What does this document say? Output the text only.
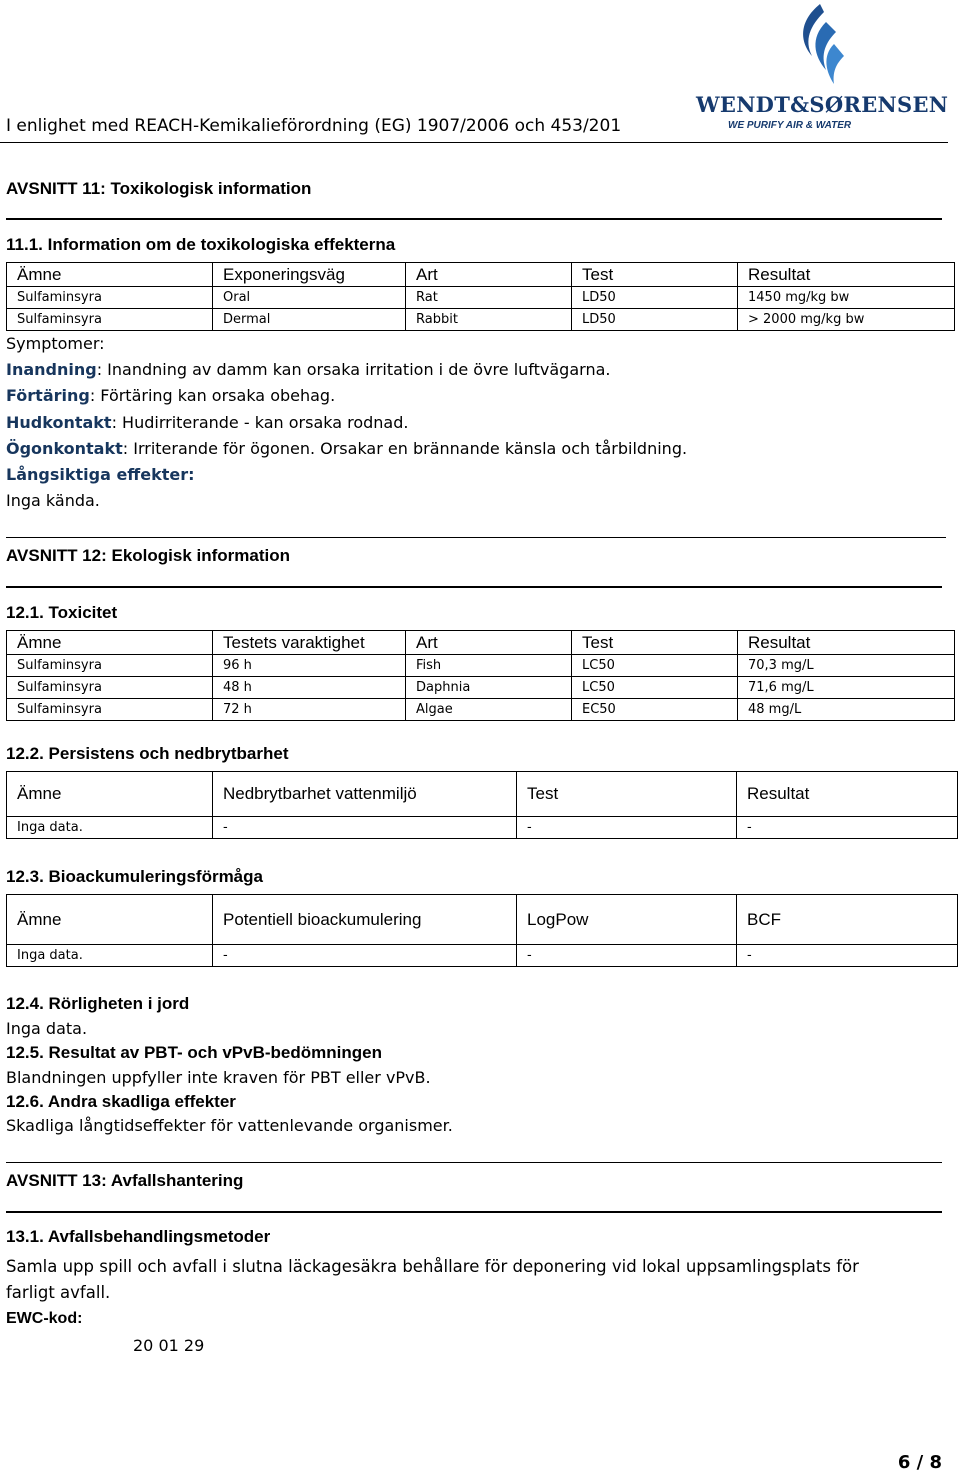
I enlighet med REACH-Kemikalieförordning (EG) 1907/2006 och 453/201
WENDT&SØRENSEN
WE PURIFY AIR & WATER
AVSNITT 11: Toxikologisk information
11.1. Information om de toxikologiska effekterna
Ämne	Exponeringsväg	Art	Test	Resultat
Sulfaminsyra	Oral	Rat	LD50	1450 mg/kg bw
Sulfaminsyra	Dermal	Rabbit	LD50	> 2000 mg/kg bw
Symptomer:
Inandning: Inandning av damm kan orsaka irritation i de övre luftvägarna.
Förtäring: Förtäring kan orsaka obehag.
Hudkontakt: Hudirriterande - kan orsaka rodnad.
Ögonkontakt: Irriterande för ögonen. Orsakar en brännande känsla och tårbildning.
Långsiktiga effekter:
Inga kända.
AVSNITT 12: Ekologisk information
12.1. Toxicitet
Ämne	Testets varaktighet	Art	Test	Resultat
Sulfaminsyra	96 h	Fish	LC50	70,3 mg/L
Sulfaminsyra	48 h	Daphnia	LC50	71,6 mg/L
Sulfaminsyra	72 h	Algae	EC50	48 mg/L
12.2. Persistens och nedbrytbarhet
Ämne	Nedbrytbarhet vattenmiljö	Test	Resultat
Inga data.	-	-	-
12.3. Bioackumuleringsförmåga
Ämne	Potentiell bioackumulering	LogPow	BCF
Inga data.	-	-	-
12.4. Rörligheten i jord
Inga data.
12.5. Resultat av PBT- och vPvB-bedömningen
Blandningen uppfyller inte kraven för PBT eller vPvB.
12.6. Andra skadliga effekter
Skadliga långtidseffekter för vattenlevande organismer.
AVSNITT 13: Avfallshantering
13.1. Avfallsbehandlingsmetoder
Samla upp spill och avfall i slutna läckagesäkra behållare för deponering vid lokal uppsamlingsplats för
farligt avfall.
EWC-kod:
20 01 29
6 / 8
